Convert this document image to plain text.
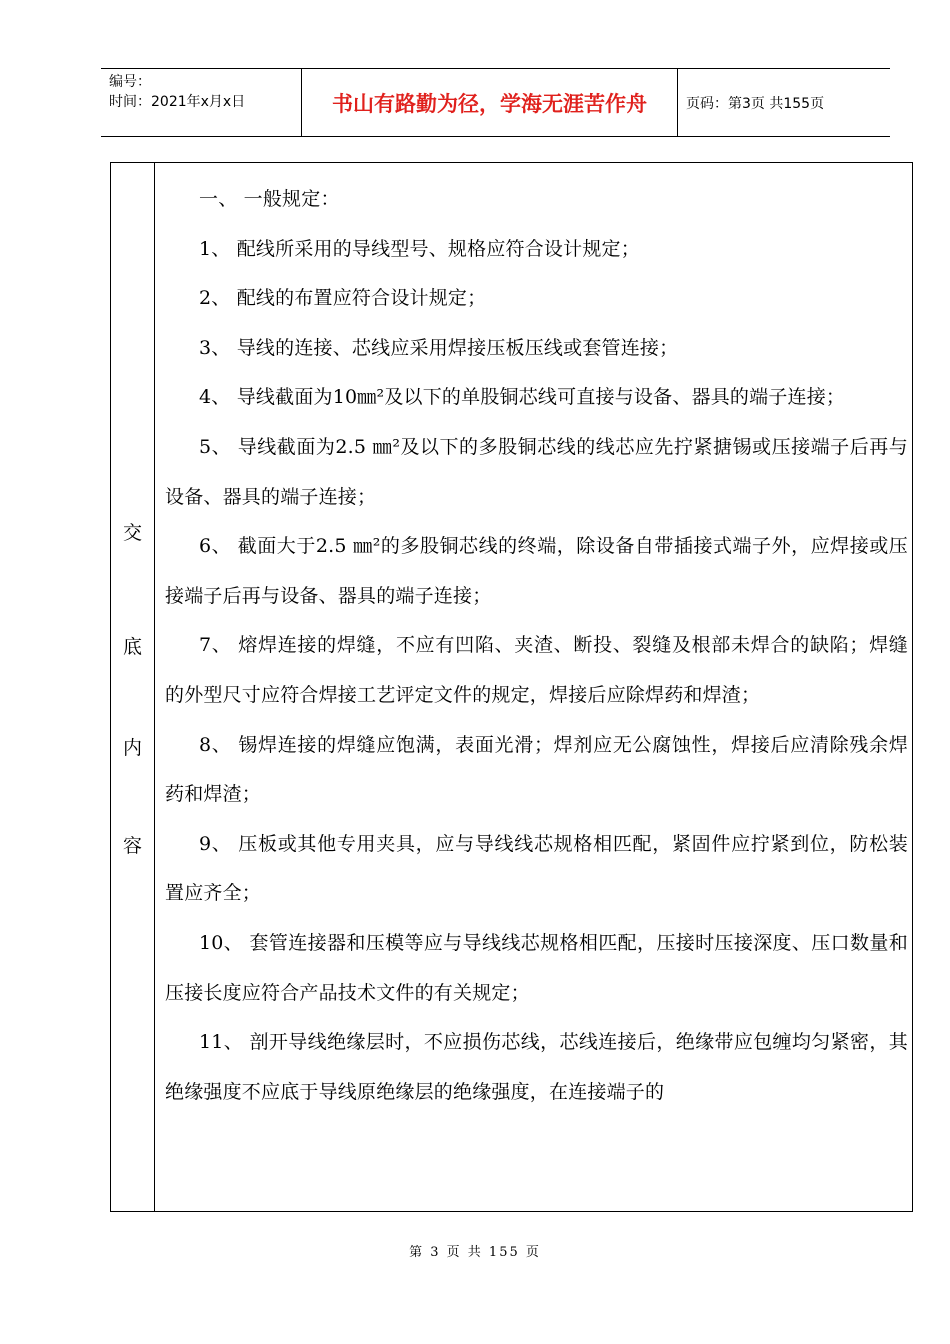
编号：
时间：2021年x月x日	书山有路勤为径，学海无涯苦作舟	页码：第3页 共155页
交
底
内
容

一、 一般规定：

1、 配线所采用的导线型号、规格应符合设计规定；

2、 配线的布置应符合设计规定；

3、 导线的连接、芯线应采用焊接压板压线或套管连接；

4、 导线截面为10㎜²及以下的单股铜芯线可直接与设备、器具的端子连接；

5、 导线截面为2.5 ㎜²及以下的多股铜芯线的线芯应先拧紧搪锡或压接端子后再与设备、器具的端子连接；

6、 截面大于2.5 ㎜²的多股铜芯线的终端，除设备自带插接式端子外，应焊接或压接端子后再与设备、器具的端子连接；

7、 熔焊连接的焊缝，不应有凹陷、夹渣、断投、裂缝及根部未焊合的缺陷；焊缝的外型尺寸应符合焊接工艺评定文件的规定，焊接后应除焊药和焊渣；

8、 锡焊连接的焊缝应饱满，表面光滑；焊剂应无公腐蚀性，焊接后应清除残余焊药和焊渣；

9、 压板或其他专用夹具，应与导线线芯规格相匹配，紧固件应拧紧到位，防松装置应齐全；

10、 套管连接器和压模等应与导线线芯规格相匹配，压接时压接深度、压口数量和压接长度应符合产品技术文件的有关规定；

11、 剖开导线绝缘层时，不应损伤芯线，芯线连接后，绝缘带应包缠均匀紧密，其绝缘强度不应底于导线原绝缘层的绝缘强度，在连接端子的

第 3 页 共 155 页
